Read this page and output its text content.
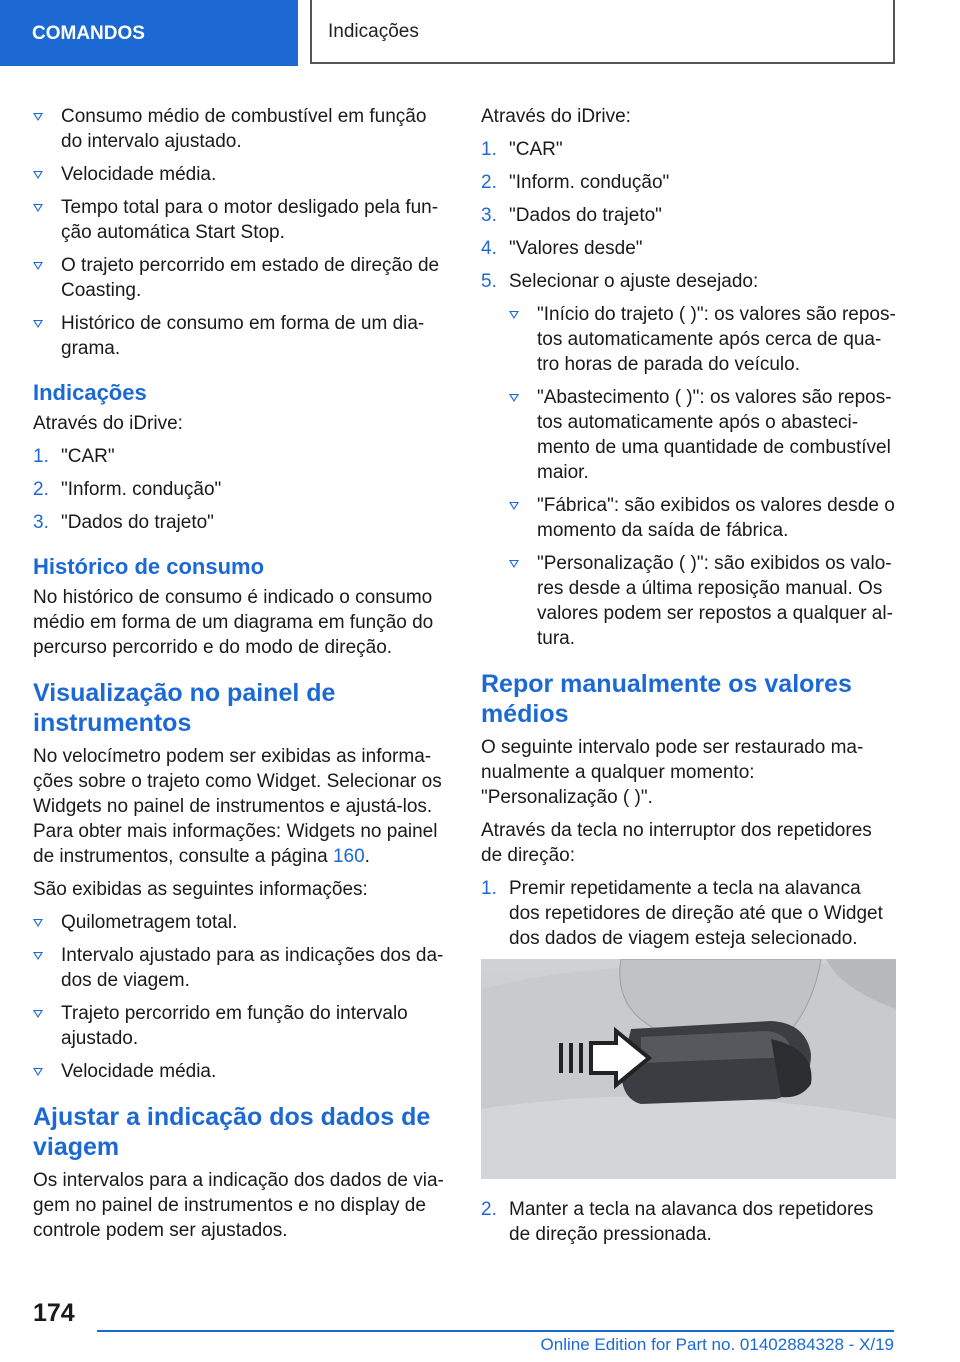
COMANDOS	Indicações
Consumo médio de combustível em função do intervalo ajustado.
Velocidade média.
Tempo total para o motor desligado pela fun‐ção automática Start Stop.
O trajeto percorrido em estado de direção de Coasting.
Histórico de consumo em forma de um dia‐grama.
Indicações

Através do iDrive:

1. "CAR"
2. "Inform. condução"
3. "Dados do trajeto"
Histórico de consumo

No histórico de consumo é indicado o consumo médio em forma de um diagrama em função do percurso percorrido e do modo de direção.

Visualização no painel de instrumentos

No velocímetro podem ser exibidas as informa‐ções sobre o trajeto como Widget. Selecionar os Widgets no painel de instrumentos e ajustá-los. Para obter mais informações: Widgets no painel de instrumentos, consulte a página 160.

São exibidas as seguintes informações:

Quilometragem total.
Intervalo ajustado para as indicações dos da‐dos de viagem.
Trajeto percorrido em função do intervalo ajustado.
Velocidade média.
Ajustar a indicação dos dados de viagem

Os intervalos para a indicação dos dados de via‐gem no painel de instrumentos e no display de controle podem ser ajustados.

Através do iDrive:

1. "CAR"
2. "Inform. condução"
3. "Dados do trajeto"
4. "Valores desde"
5. Selecionar o ajuste desejado:
"Início do trajeto ( )": os valores são repos‐tos automaticamente após cerca de qua‐tro horas de parada do veículo.
"Abastecimento ( )": os valores são repos‐tos automaticamente após o abasteci‐mento de uma quantidade de combustível maior.
"Fábrica": são exibidos os valores desde o momento da saída de fábrica.
"Personalização ( )": são exibidos os valo‐res desde a última reposição manual. Os valores podem ser repostos a qualquer al‐tura.
Repor manualmente os valores médios

O seguinte intervalo pode ser restaurado ma‐nualmente a qualquer momento: "Personalização ( )".

Através da tecla no interruptor dos repetidores de direção:

1. Premir repetidamente a tecla na alavanca dos repetidores de direção até que o Widget dos dados de viagem esteja selecionado.
2. Manter a tecla na alavanca dos repetidores de direção pressionada.
174
Online Edition for Part no. 01402884328 - X/19
